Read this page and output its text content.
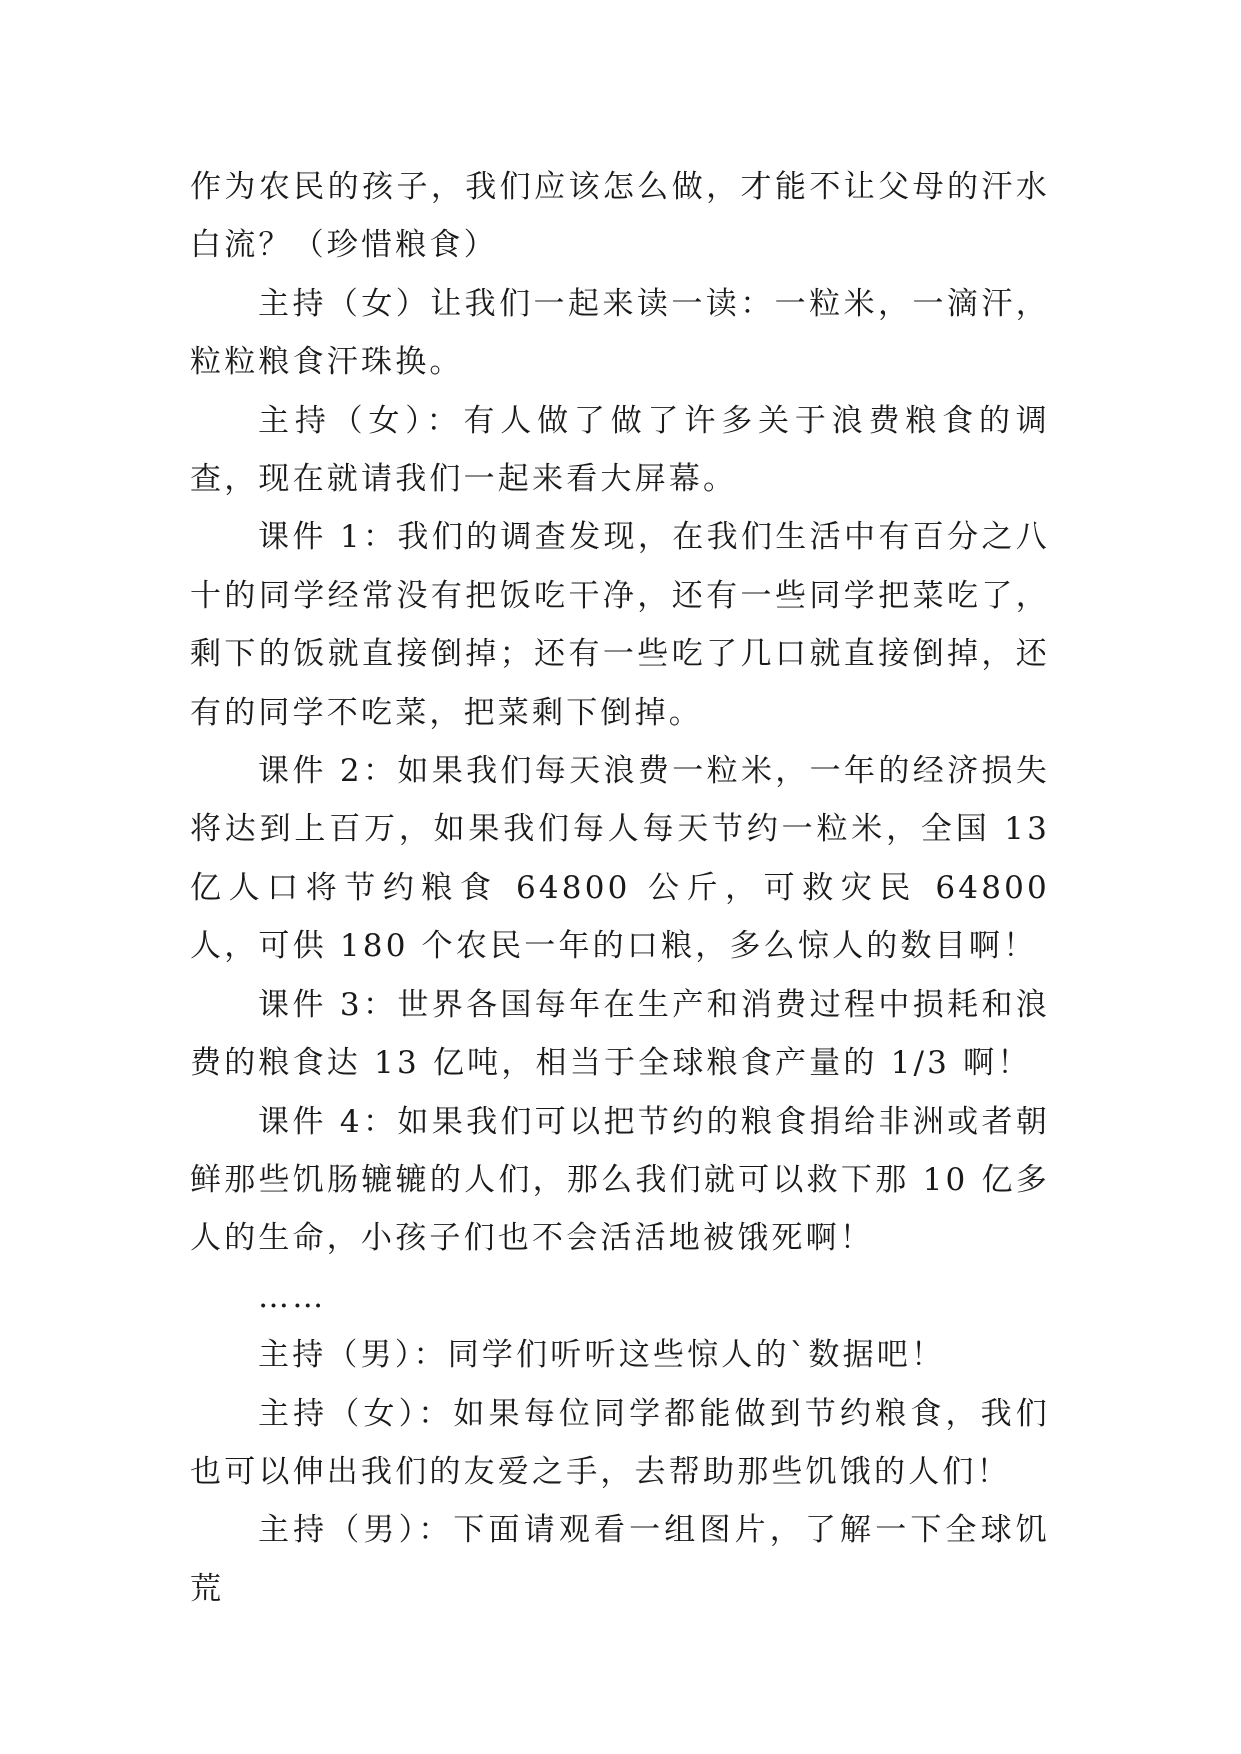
作为农民的孩子，我们应该怎么做，才能不让父母的汗水白流？（珍惜粮食）

主持（女）让我们一起来读一读：一粒米，一滴汗，粒粒粮食汗珠换。

主持（女）：有人做了做了许多关于浪费粮食的调查，现在就请我们一起来看大屏幕。

课件 1：我们的调查发现，在我们生活中有百分之八十的同学经常没有把饭吃干净，还有一些同学把菜吃了，剩下的饭就直接倒掉；还有一些吃了几口就直接倒掉，还有的同学不吃菜，把菜剩下倒掉。

课件 2：如果我们每天浪费一粒米，一年的经济损失将达到上百万，如果我们每人每天节约一粒米，全国 13 亿人口将节约粮食 64800 公斤，可救灾民 64800 人，可供 180 个农民一年的口粮，多么惊人的数目啊！

课件 3：世界各国每年在生产和消费过程中损耗和浪费的粮食达 13 亿吨，相当于全球粮食产量的 1/3 啊！

课件 4：如果我们可以把节约的粮食捐给非洲或者朝鲜那些饥肠辘辘的人们，那么我们就可以救下那 10 亿多人的生命，小孩子们也不会活活地被饿死啊！

……

主持（男）：同学们听听这些惊人的`数据吧！

主持（女）：如果每位同学都能做到节约粮食，我们也可以伸出我们的友爱之手，去帮助那些饥饿的人们！

主持（男）：下面请观看一组图片，了解一下全球饥荒
